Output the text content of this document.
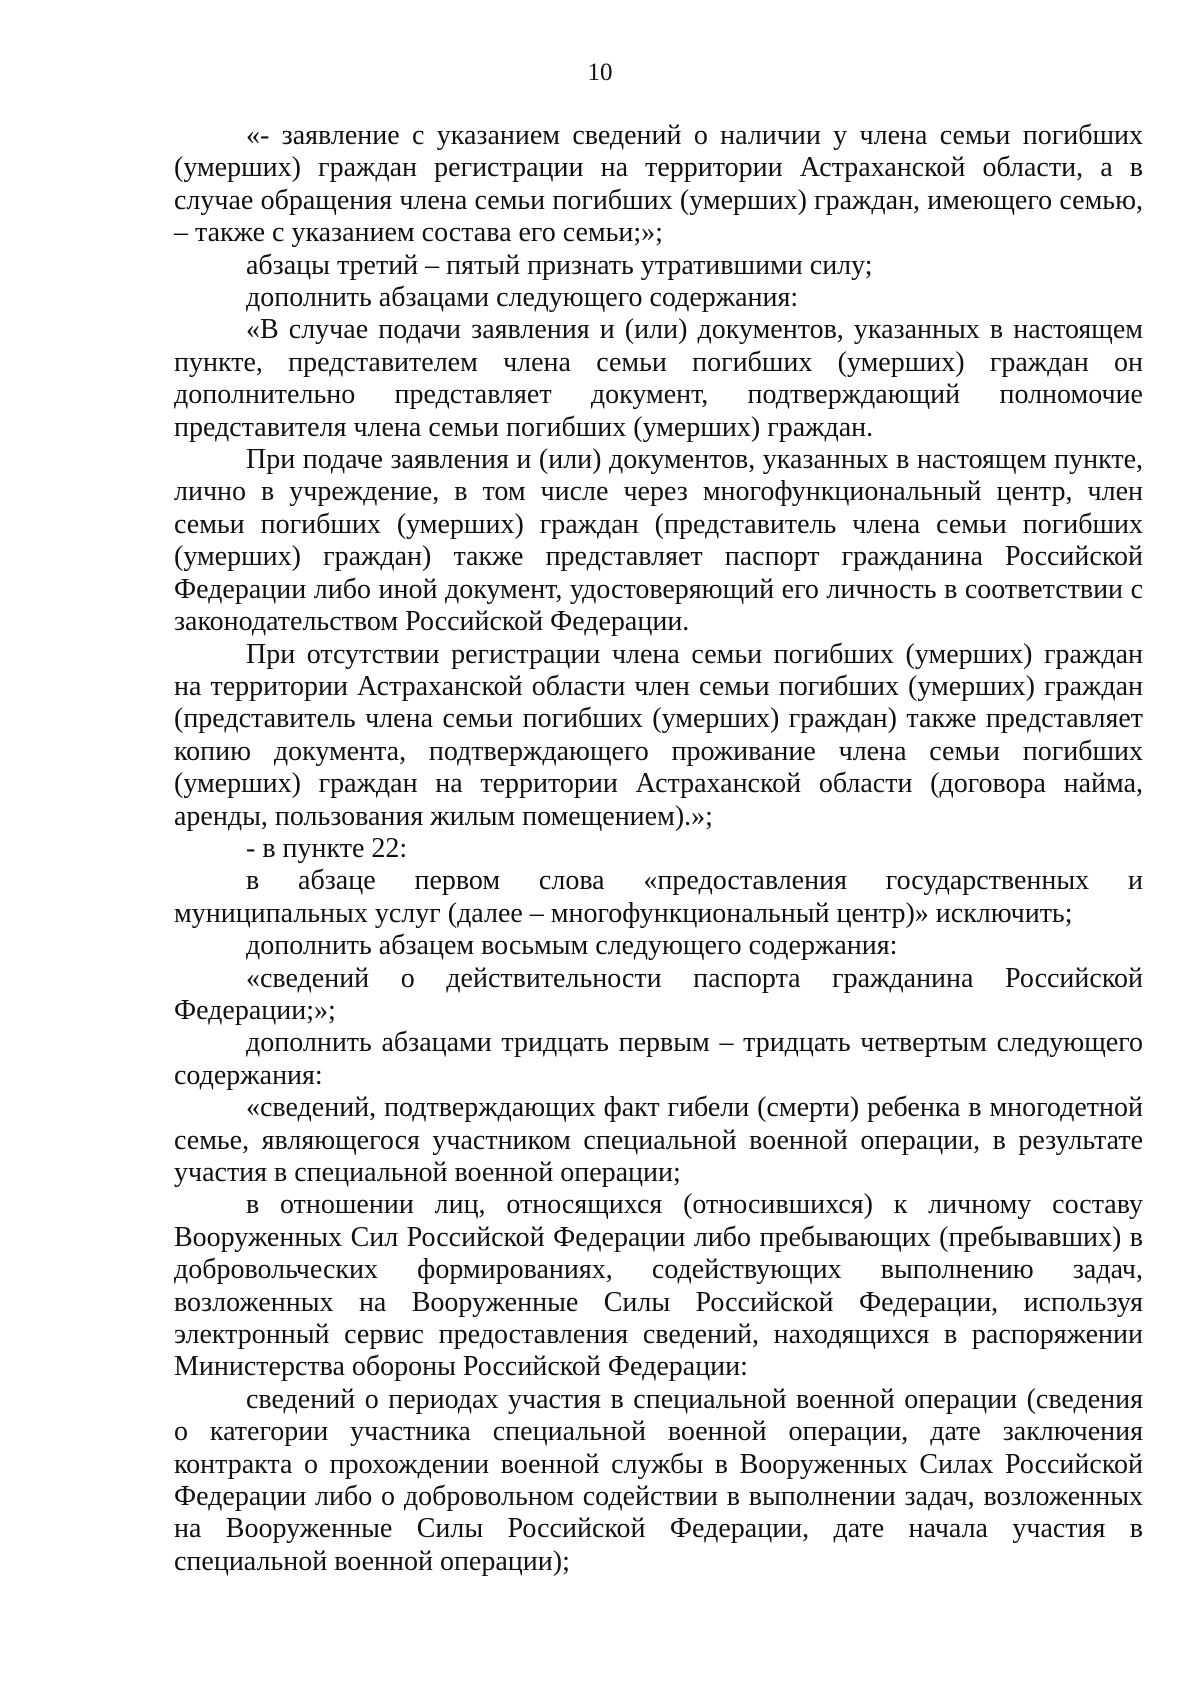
10

«- заявление с указанием сведений о наличии у члена семьи погибших (умерших) граждан регистрации на территории Астраханской области, а в случае обращения члена семьи погибших (умерших) граждан, имеющего семью, – также с указанием состава его семьи;»;

абзацы третий – пятый признать утратившими силу;

дополнить абзацами следующего содержания:

«В случае подачи заявления и (или) документов, указанных в настоящем пункте, представителем члена семьи погибших (умерших) граждан он дополнительно представляет документ, подтверждающий полномочие представителя члена семьи погибших (умерших) граждан.

При подаче заявления и (или) документов, указанных в настоящем пункте, лично в учреждение, в том числе через многофункциональный центр, член семьи погибших (умерших) граждан (представитель члена семьи погибших (умерших) граждан) также представляет паспорт гражданина Российской Федерации либо иной документ, удостоверяющий его личность в соответствии с законодательством Российской Федерации.

При отсутствии регистрации члена семьи погибших (умерших) граждан на территории Астраханской области член семьи погибших (умерших) граждан (представитель члена семьи погибших (умерших) граждан) также представляет копию документа, подтверждающего проживание члена семьи погибших (умерших) граждан на территории Астраханской области (договора найма, аренды, пользования жилым помещением).»;

- в пункте 22:

в абзаце первом слова «предоставления государственных и муниципальных услуг (далее – многофункциональный центр)» исключить;

дополнить абзацем восьмым следующего содержания:

«сведений о действительности паспорта гражданина Российской Федерации;»;

дополнить абзацами тридцать первым – тридцать четвертым следующего содержания:

«сведений, подтверждающих факт гибели (смерти) ребенка в многодетной семье, являющегося участником специальной военной операции, в результате участия в специальной военной операции;

в отношении лиц, относящихся (относившихся) к личному составу Вооруженных Сил Российской Федерации либо пребывающих (пребывавших) в добровольческих формированиях, содействующих выполнению задач, возложенных на Вооруженные Силы Российской Федерации, используя электронный сервис предоставления сведений, находящихся в распоряжении Министерства обороны Российской Федерации:

сведений о периодах участия в специальной военной операции (сведения о категории участника специальной военной операции, дате заключения контракта о прохождении военной службы в Вооруженных Силах Российской Федерации либо о добровольном содействии в выполнении задач, возложенных на Вооруженные Силы Российской Федерации, дате начала участия в специальной военной операции);
